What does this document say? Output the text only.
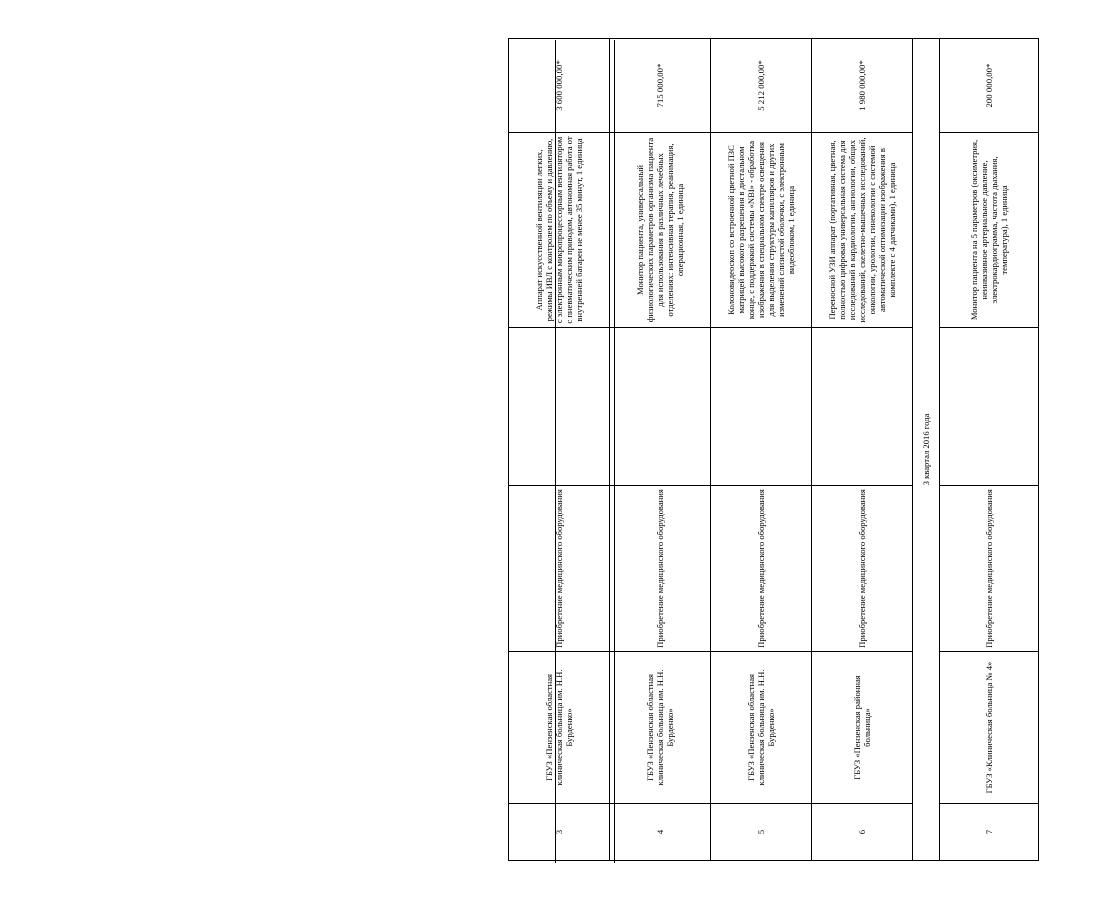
3	ГБУЗ «Пензенская областная клиническая больница им. Н.Н. Бурденко»	Приобретение медицинского оборудования		Аппарат искусственной вентиляции легких, режимы ИВЛ с контролем по объему и давлению, с электронным микропроцессорным вентилятором с пневматическим приводом, автономная работа от внутренней батареи не менее 35 минут, 1 единица	3 600 000,00*
4	ГБУЗ «Пензенская областная клиническая больница им. Н.Н. Бурденко»	Приобретение медицинского оборудования		Монитор пациента, универсальный физиологических параметров организма пациента для использования в различных лечебных отделениях: интенсивная терапия, реанимация, операционная, 1 единица	715 000,00*
5	ГБУЗ «Пензенская областная клиническая больница им. Н.Н. Бурденко»	Приобретение медицинского оборудования		Колоновидеоскоп со встроенной цветной ПЗС матрицей высокого разрешения в дистальном конце, с поддержкой системы «NBI» - обработка изображения в специальном спектре освещения для выделения структуры капилляров и других изменений слизистой оболочки, с электронным видеоблоком, 1 единица	5 212 000,00*
6	ГБУЗ «Пензенская районная больница»	Приобретение медицинского оборудования		Переносной УЗИ аппарат (портативная, цветная, полностью цифровая универсальная система для исследований в кардиологии, ангиологии, общих исследований, скелетно-мышечных исследований, онкологии, урологии, гинекологии с системой автоматической оптимизации изображения в комплекте с 4 датчиками), 1 единица	1 980 000,00*
3 квартал 2016 года					
7	ГБУЗ «Клиническая больница № 4»	Приобретение медицинского оборудования		Монитор пациента на 5 параметров (оксиметрия, неинвазивное артериальное давление, электрокардиограмма, частота дыхания, температура), 1 единица	200 000,00*
